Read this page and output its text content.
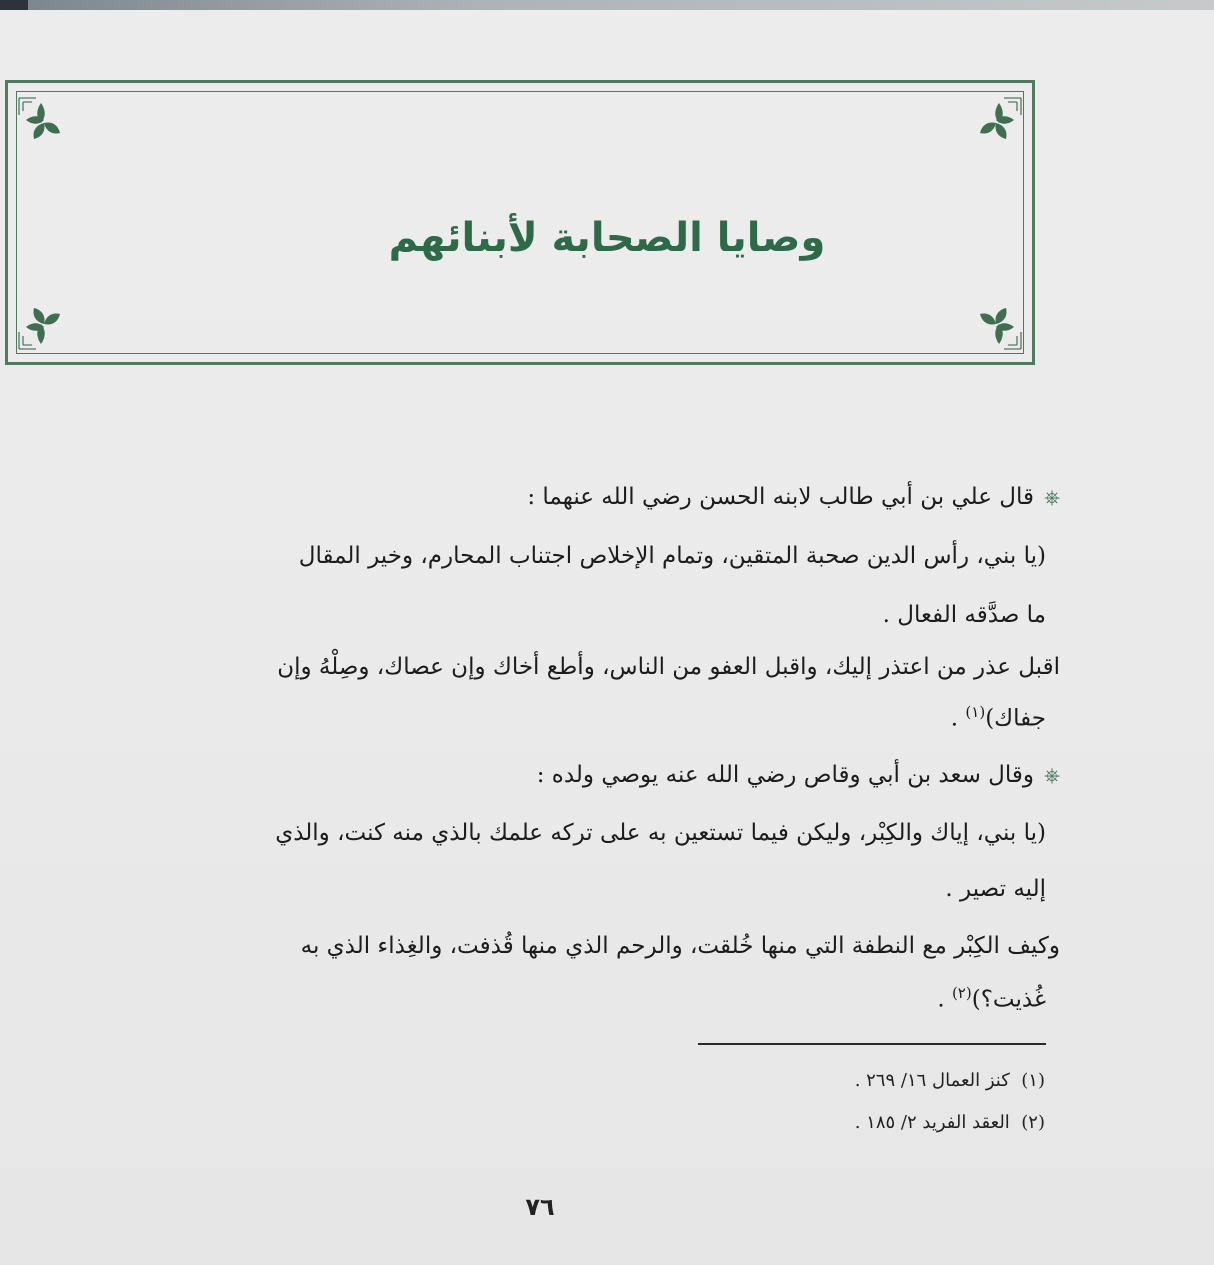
وصايا الصحابة لأبنائهم
⎈قال علي بن أبي طالب لابنه الحسن رضي الله عنهما :
(يا بني، رأس الدين صحبة المتقين، وتمام الإخلاص اجتناب المحارم، وخير المقال
ما صدَّقه الفعال .
اقبل عذر من اعتذر إليك، واقبل العفو من الناس، وأطع أخاك وإن عصاك، وصِلْهُ وإن
جفاك)$^{(١)}$ .
⎈وقال سعد بن أبي وقاص رضي الله عنه يوصي ولده :
(يا بني، إياك والكِبْر، وليكن فيما تستعين به على تركه علمك بالذي منه كنت، والذي
إليه تصير .
وكيف الكِبْر مع النطفة التي منها خُلقت، والرحم الذي منها قُذفت، والغِذاء الذي به
غُذيت؟)$^{(٢)}$ .
(١)  كنز العمال ١٦/ ٢٦٩ .
(٢)  العقد الفريد ٢/ ١٨٥ .
٧٦
